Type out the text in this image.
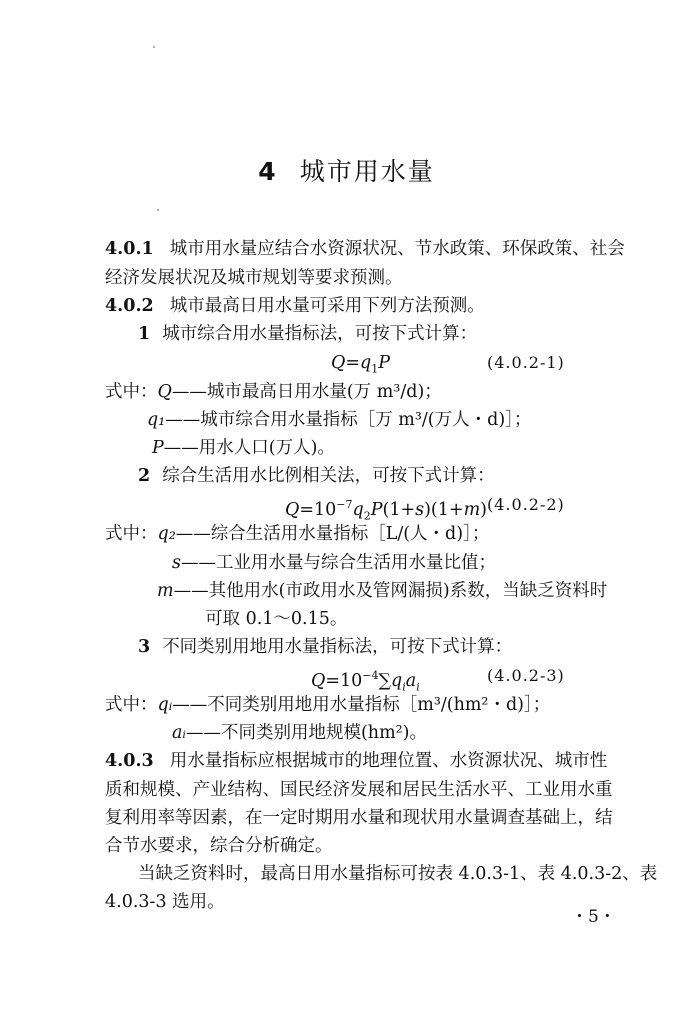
4 城市用水量
4.0.1 城市用水量应结合水资源状况、节水政策、环保政策、社会
经济发展状况及城市规划等要求预测。
4.0.2 城市最高日用水量可采用下列方法预测。
1 城市综合用水量指标法，可按下式计算：
$Q=q_1P$	(4.0.2-1)
式中：Q——城市最高日用水量(万 m³/d)；
q₁——城市综合用水量指标［万 m³/(万人・d)］；
P——用水人口(万人)。
2 综合生活用水比例相关法，可按下式计算：
$Q=10^{-7}q_2P(1+s)(1+m)$ (4.0.2-2)
式中：q₂——综合生活用水量指标［L/(人・d)］；
s——工业用水量与综合生活用水量比值；
m——其他用水(市政用水及管网漏损)系数，当缺乏资料时
可取 0.1～0.15。
3 不同类别用地用水量指标法，可按下式计算：
$Q=10^{-4}\sum q_ia_i$
(4.0.2-3)
式中：qᵢ——不同类别用地用水量指标［m³/(hm²・d)］；
aᵢ——不同类别用地规模(hm²)。
4.0.3 用水量指标应根据城市的地理位置、水资源状况、城市性
质和规模、产业结构、国民经济发展和居民生活水平、工业用水重
复利用率等因素，在一定时期用水量和现状用水量调查基础上，结
合节水要求，综合分析确定。
当缺乏资料时，最高日用水量指标可按表 4.0.3-1、表 4.0.3-2、表
4.0.3-3 选用。
・5・
